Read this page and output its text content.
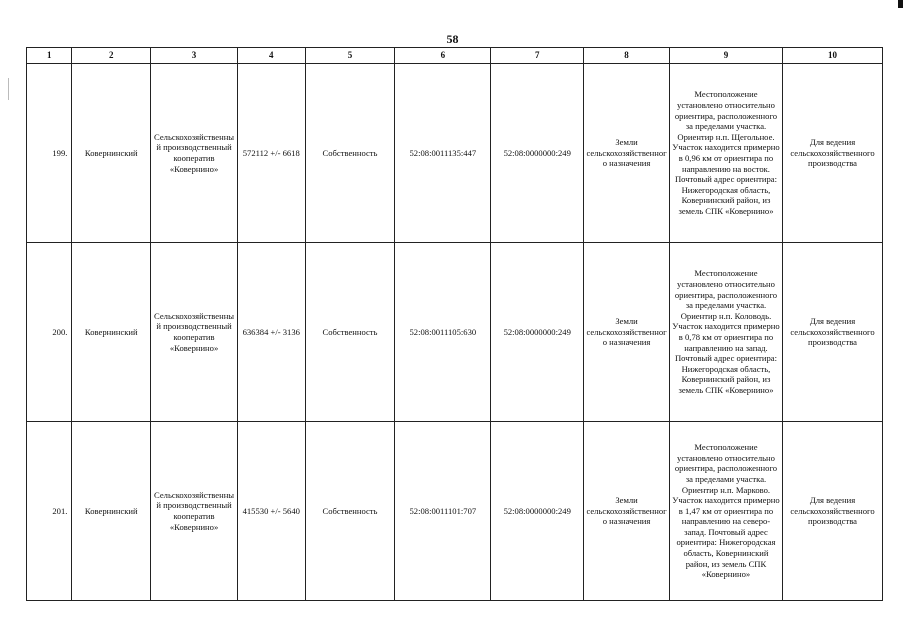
58
1	2	3	4	5	6	7	8	9	10
199.	Ковернинский	Сельскохозяйственный производственный кооператив «Ковернино»	572112 +/- 6618	Собственность	52:08:0011135:447	52:08:0000000:249	Земли сельскохозяйственного назначения	Местоположение установлено относительно ориентира, расположенного за пределами участка. Ориентир н.п. Щегольное. Участок находится примерно в 0,96 км от ориентира по направлению на восток. Почтовый адрес ориентира: Нижегородская область, Ковернинский район, из земель СПК «Ковернино»	Для ведения сельскохозяйственного производства
200.	Ковернинский	Сельскохозяйственный производственный кооператив «Ковернино»	636384 +/- 3136	Собственность	52:08:0011105:630	52:08:0000000:249	Земли сельскохозяйственного назначения	Местоположение установлено относительно ориентира, расположенного за пределами участка. Ориентир н.п. Коловодь. Участок находится примерно в 0,78 км от ориентира по направлению на запад. Почтовый адрес ориентира: Нижегородская область, Ковернинский район, из земель СПК «Ковернино»	Для ведения сельскохозяйственного производства
201.	Ковернинский	Сельскохозяйственный производственный кооператив «Ковернино»	415530 +/- 5640	Собственность	52:08:0011101:707	52:08:0000000:249	Земли сельскохозяйственного назначения	Местоположение установлено относительно ориентира, расположенного за пределами участка. Ориентир н.п. Марково. Участок находится примерно в 1,47 км от ориентира по направлению на северо-запад. Почтовый адрес ориентира: Нижегородская область, Ковернинский район, из земель СПК «Ковернино»	Для ведения сельскохозяйственного производства
